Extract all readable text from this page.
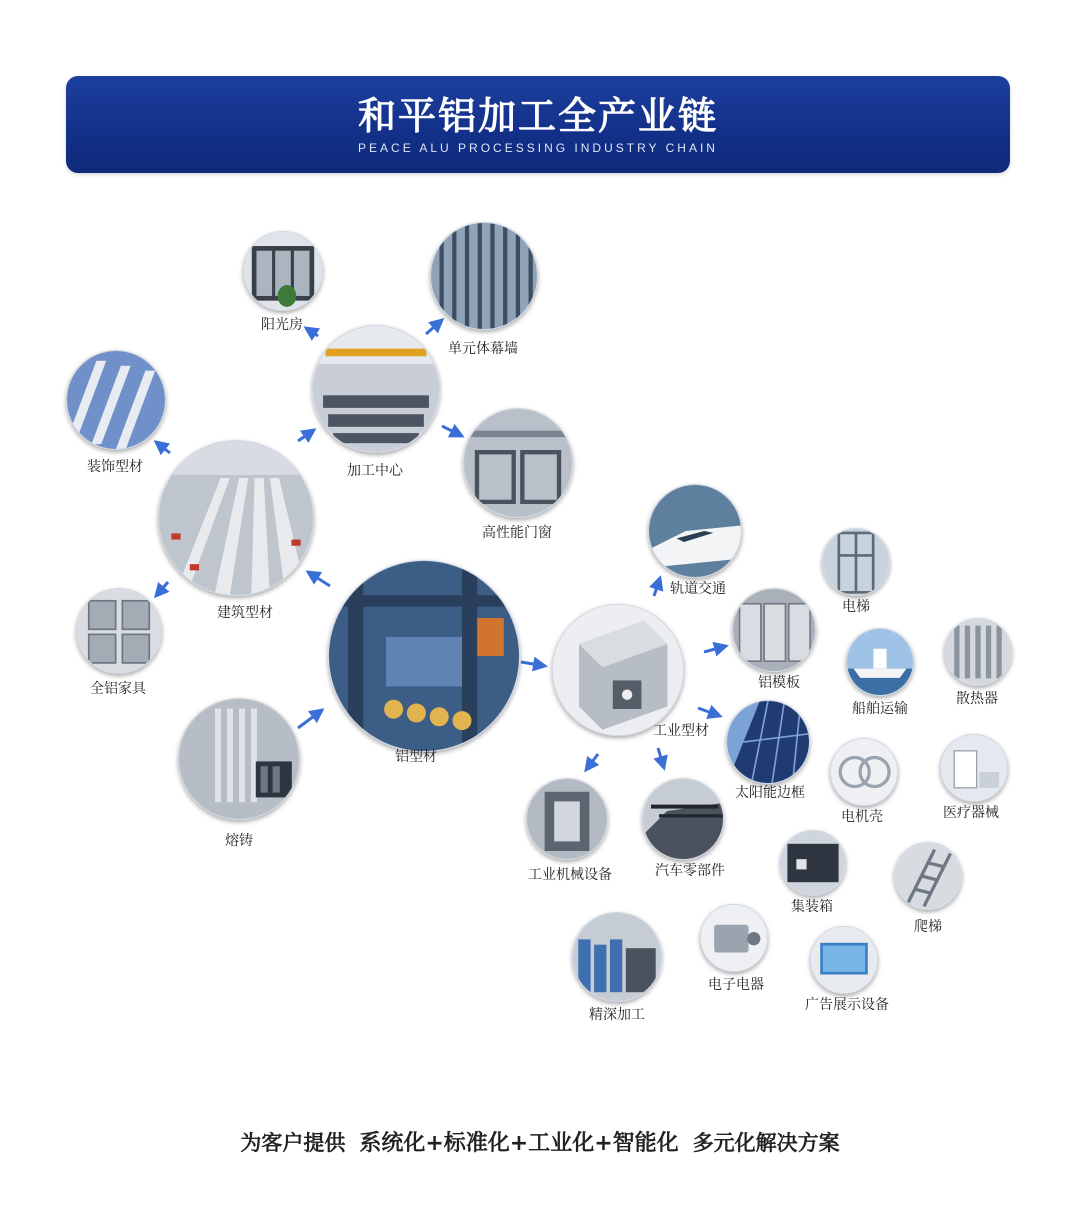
和平铝加工全产业链
PEACE ALU PROCESSING INDUSTRY CHAIN
阳光房
单元体幕墙
装饰型材	加工中心
高性能门窗
建筑型材
全铝家具
铝型材
熔铸
轨道交通
电梯
铝模板
船舶运输
散热器
工业型材
太阳能边框
电机壳	医疗器械
工业机械设备	汽车零部件
集装箱
爬梯
精深加工
电子电器
广告展示设备
为客户提供 系统化+标准化+工业化+智能化 多元化解决方案
